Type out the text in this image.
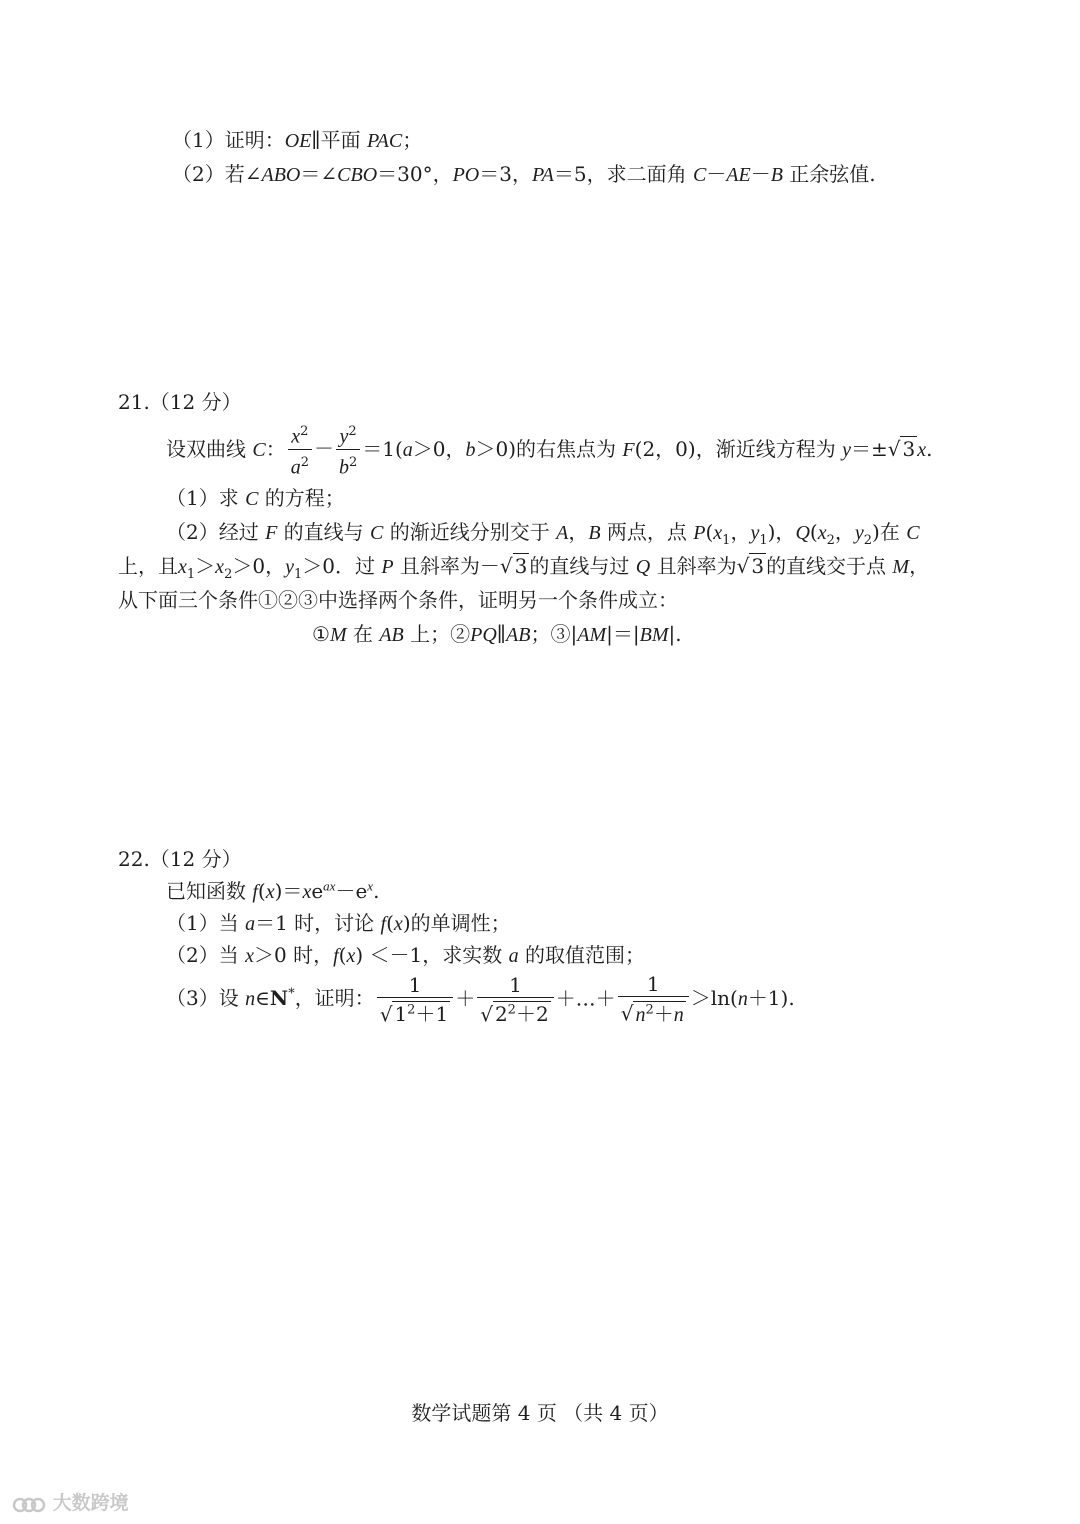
（1）证明：OE∥平面 PAC；
（2）若∠ABO＝∠CBO＝30°，PO＝3，PA＝5，求二面角 C－AE－B 正余弦值.
21.（12 分）
设双曲线 C： $\frac{x^2}{a^2} - \frac{y^2}{b^2} =1(a>0$，b＞0)的右焦点为 F(2，0)，渐近线方程为 y＝±√ 3 x.
（1）求 C 的方程；
（2）经过 F 的直线与 C 的渐近线分别交于 A，B 两点，点 $P(x_1$，$y_1$)，$Q(x_2$，$y_2$)在 C
上，且$x_1>x_2>0$，$y_1>0$．过 P 且斜率为－√ 3 的直线与过 Q 且斜率为√ 3 的直线交于点 M，
从下面三个条件①②③中选择两个条件，证明另一个条件成立：
①M 在 AB 上；②PQ∥AB；③|AM|＝|BM|.
22.（12 分）
已知函数 $f(x)=xe^{ax}-e^x$.
（1）当 a＝1 时，讨论 f(x)的单调性；
（2）当 x＞0 时，f(x) ＜－1，求实数 a 的取值范围；
（3）设 n∈N*，证明： $\frac{1}{√ 1^2+1} + \frac{1}{√ 2^2+2}$ ＋…＋ $\frac{1}{√ n^2+n} >\ln(n+1)$.
数学试题第 4 页 （共 4 页）
大数跨境
